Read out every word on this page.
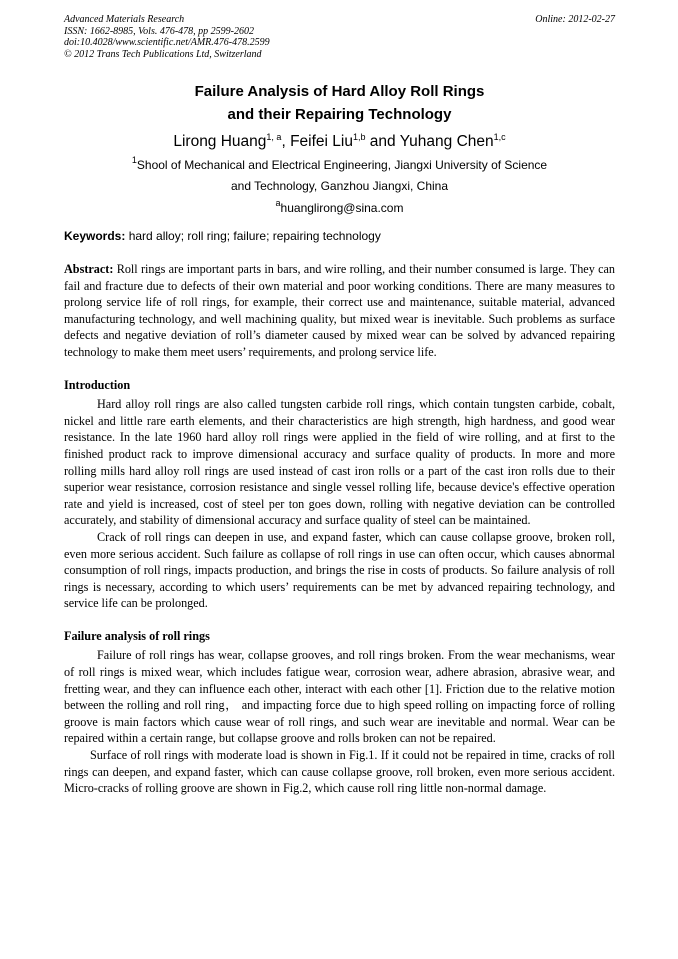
Advanced Materials Research
ISSN: 1662-8985, Vols. 476-478, pp 2599-2602
doi:10.4028/www.scientific.net/AMR.476-478.2599
© 2012 Trans Tech Publications Ltd, Switzerland
Online: 2012-02-27
Failure Analysis of Hard Alloy Roll Rings
and their Repairing Technology
Lirong Huang$^{1, a}$, Feifei Liu$^{1,b}$ and Yuhang Chen$^{1,c}$
$^1$Shool of Mechanical and Electrical Engineering, Jiangxi University of Science
and Technology, Ganzhou Jiangxi, China
$^a$huanglirong@sina.com
Keywords: hard alloy; roll ring; failure; repairing technology

Abstract: Roll rings are important parts in bars, and wire rolling, and their number consumed is large. They can fail and fracture due to defects of their own material and poor working conditions. There are many measures to prolong service life of roll rings, for example, their correct use and maintenance, suitable material, advanced manufacturing technology, and well machining quality, but mixed wear is inevitable. Such problems as surface defects and negative deviation of roll’s diameter caused by mixed wear can be solved by advanced repairing technology to make them meet users’ requirements, and prolong service life.

Introduction

Hard alloy roll rings are also called tungsten carbide roll rings, which contain tungsten carbide, cobalt, nickel and little rare earth elements, and their characteristics are high strength, high hardness, and good wear resistance. In the late 1960 hard alloy roll rings were applied in the field of wire rolling, and at first to the finished product rack to improve dimensional accuracy and surface quality of products. In more and more rolling mills hard alloy roll rings are used instead of cast iron rolls or a part of the cast iron rolls due to their superior wear resistance, corrosion resistance and single vessel rolling life, because device's effective operation rate and yield is increased, cost of steel per ton goes down, rolling with negative deviation can be controlled accurately, and stability of dimensional accuracy and surface quality of steel can be maintained.

Crack of roll rings can deepen in use, and expand faster, which can cause collapse groove, broken roll, even more serious accident. Such failure as collapse of roll rings in use can often occur, which causes abnormal consumption of roll rings, impacts production, and brings the rise in costs of products. So failure analysis of roll rings is necessary, according to which users’ requirements can be met by advanced repairing technology, and service life can be prolonged.

Failure analysis of roll rings

Failure of roll rings has wear, collapse grooves, and roll rings broken. From the wear mechanisms, wear of roll rings is mixed wear, which includes fatigue wear, corrosion wear, adhere abrasion, abrasive wear, and fretting wear, and they can influence each other, interact with each other [1]. Friction due to the relative motion between the rolling and roll ring， and impacting force due to high speed rolling on impacting force of rolling groove is main factors which cause wear of roll rings, and such wear are inevitable and normal. Wear can be repaired within a certain range, but collapse groove and rolls broken can not be repaired.

Surface of roll rings with moderate load is shown in Fig.1. If it could not be repaired in time, cracks of roll rings can deepen, and expand faster, which can cause collapse groove, roll broken, even more serious accident. Micro-cracks of rolling groove are shown in Fig.2, which cause roll ring little non-normal damage.
